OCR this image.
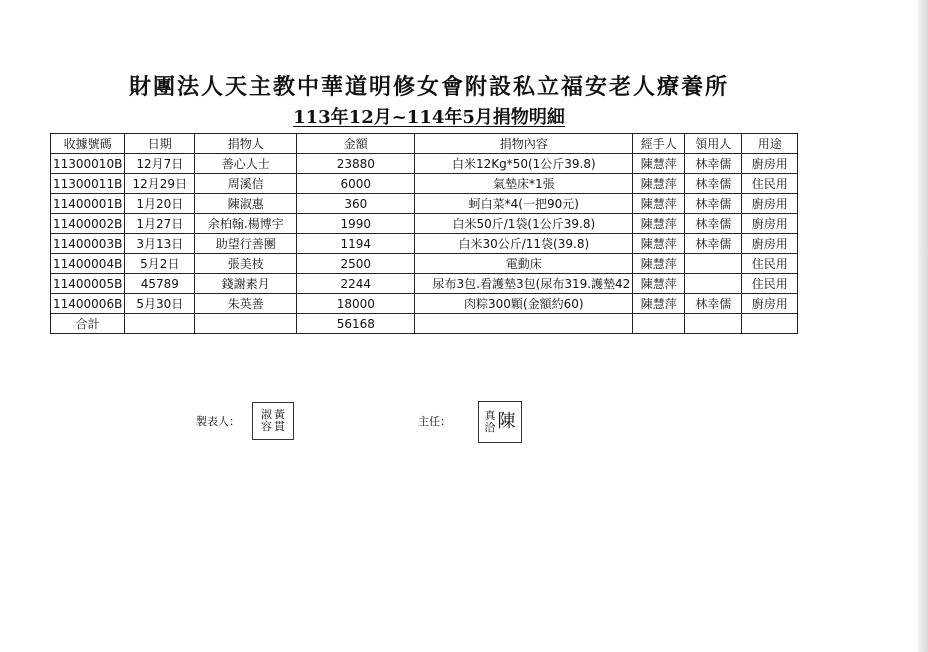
財團法人天主教中華道明修女會附設私立福安老人療養所
113年12月~114年5月捐物明細
收據號碼	日期	捐物人	金額	捐物內容	經手人	領用人	用途
11300010B	12月7日	善心人士	23880	白米12Kg*50(1公斤39.8)	陳慧萍	林幸儒	廚房用
11300011B	12月29日	周溪信	6000	氣墊床*1張	陳慧萍	林幸儒	住民用
11400001B	1月20日	陳淑惠	360	蚵白菜*4(一把90元)	陳慧萍	林幸儒	廚房用
11400002B	1月27日	余柏翰.楊博宇	1990	白米50斤/1袋(1公斤39.8)	陳慧萍	林幸儒	廚房用
11400003B	3月13日	助望行善團	1194	白米30公斤/11袋(39.8)	陳慧萍	林幸儒	廚房用
11400004B	5月2日	張美枝	2500	電動床	陳慧萍		住民用
11400005B	45789	錢謝素月	2244	尿布3包.看護墊3包(尿布319.護墊42	陳慧萍		住民用
11400006B	5月30日	朱英善	18000	肉粽300顆(金額約60)	陳慧萍	林幸儒	廚房用
合計			56168				
製表人：
淑 黃
容 貫	主任：	真
洽 陳
